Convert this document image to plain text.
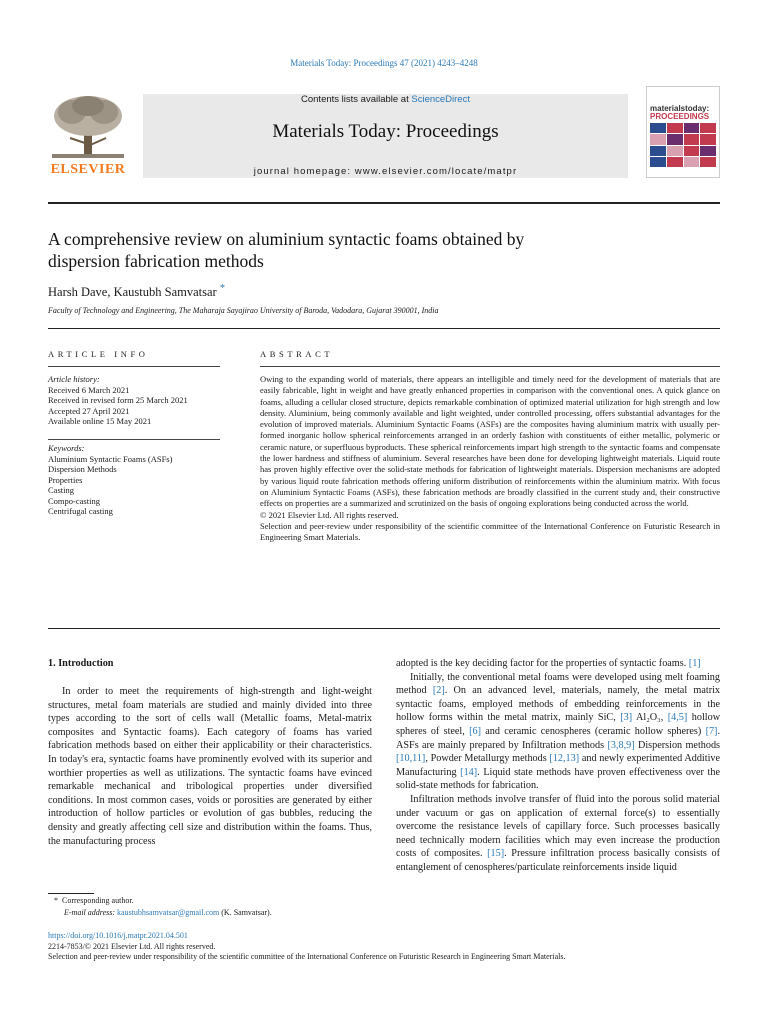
Materials Today: Proceedings 47 (2021) 4243–4248
ELSEVIER
Contents lists available at ScienceDirect
Materials Today: Proceedings
journal homepage: www.elsevier.com/locate/matpr
materialstoday:
PROCEEDINGS
A comprehensive review on aluminium syntactic foams obtained by
dispersion fabrication methods
Harsh Dave, Kaustubh Samvatsar *
Faculty of Technology and Engineering, The Maharaja Sayajirao University of Baroda, Vadodara, Gujarat 390001, India
ARTICLE INFO
Article history:
Received 6 March 2021
Received in revised form 25 March 2021
Accepted 27 April 2021
Available online 15 May 2021
Keywords:
Aluminium Syntactic Foams (ASFs)
Dispersion Methods
Properties
Casting
Compo-casting
Centrifugal casting
ABSTRACT

Owing to the expanding world of materials, there appears an intelligible and timely need for the development of materials that are easily fabricable, light in weight and have greatly enhanced properties in comparison with the conventional ones. A quick glance on foams, alluding a cellular closed structure, depicts remarkable combination of optimized material utilization for high strength and low density. Aluminium, being commonly available and light weighted, under controlled processing, offers substantial advantages for the evolution of improved materials. Aluminium Syntactic Foams (ASFs) are the composites having aluminium matrix with usually per-formed inorganic hollow spherical reinforcements arranged in an orderly fashion with constituents of either metallic, polymeric or ceramic nature, or superfluous byproducts. These spherical reinforcements impart high strength to the syntactic foams and compensate the lower hardness and stiffness of aluminium. Several researches have been done for developing lightweight materials. Liquid route has proven highly effective over the solid-state methods for fabrication of lightweight materials. Dispersion mechanisms are adopted by various liquid route fabrication methods offering uniform distribution of reinforcements within the aluminium matrix. With focus on Aluminium Syntactic Foams (ASFs), these fabrication methods are broadly classified in the current study and, their constructive effects on properties are a summarized and scrutinized on the basis of ongoing explorations being conducted across the world.

© 2021 Elsevier Ltd. All rights reserved.

Selection and peer-review under responsibility of the scientific committee of the International Conference on Futuristic Research in Engineering Smart Materials.

1. Introduction

In order to meet the requirements of high-strength and light-weight structures, metal foam materials are studied and mainly divided into three types according to the sort of cells wall (Metallic foams, Metal-matrix composites and Syntactic foams). Each category of foams has varied fabrication methods based on either their applicability or their characteristics. In today's era, syntactic foams have prominently evolved with its superior and worthier properties as well as utilizations. The syntactic foams have evinced remarkable mechanical and tribological properties under diversified conditions. In most common cases, voids or porosities are generated by either introduction of hollow particles or evolution of gas bubbles, reducing the density and greatly affecting cell size and distribution within the foams. Thus, the manufacturing process

adopted is the key deciding factor for the properties of syntactic foams. [1]

Initially, the conventional metal foams were developed using melt foaming method [2]. On an advanced level, materials, namely, the metal matrix syntactic foams, employed methods of embedding reinforcements in the hollow forms within the metal matrix, mainly SiC, [3] Al₂O₃, [4,5] hollow spheres of steel, [6] and ceramic cenospheres (ceramic hollow spheres) [7]. ASFs are mainly prepared by Infiltration methods [3,8,9] Dispersion methods [10,11], Powder Metallurgy methods [12,13] and newly experimented Additive Manufacturing [14]. Liquid state methods have proven effectiveness over the solid-state methods for fabrication.

Infiltration methods involve transfer of fluid into the porous solid material under vacuum or gas on application of external force(s) to essentially overcome the resistance levels of capillary force. Such processes basically need technically modern facilities which may even increase the production costs of composites. [15]. Pressure infiltration process basically consists of entanglement of cenospheres/particulate reinforcements inside liquid

* Corresponding author.
E-mail address: kaustubhsamvatsar@gmail.com (K. Samvatsar).
https://doi.org/10.1016/j.matpr.2021.04.501
2214-7853/© 2021 Elsevier Ltd. All rights reserved.
Selection and peer-review under responsibility of the scientific committee of the International Conference on Futuristic Research in Engineering Smart Materials.
